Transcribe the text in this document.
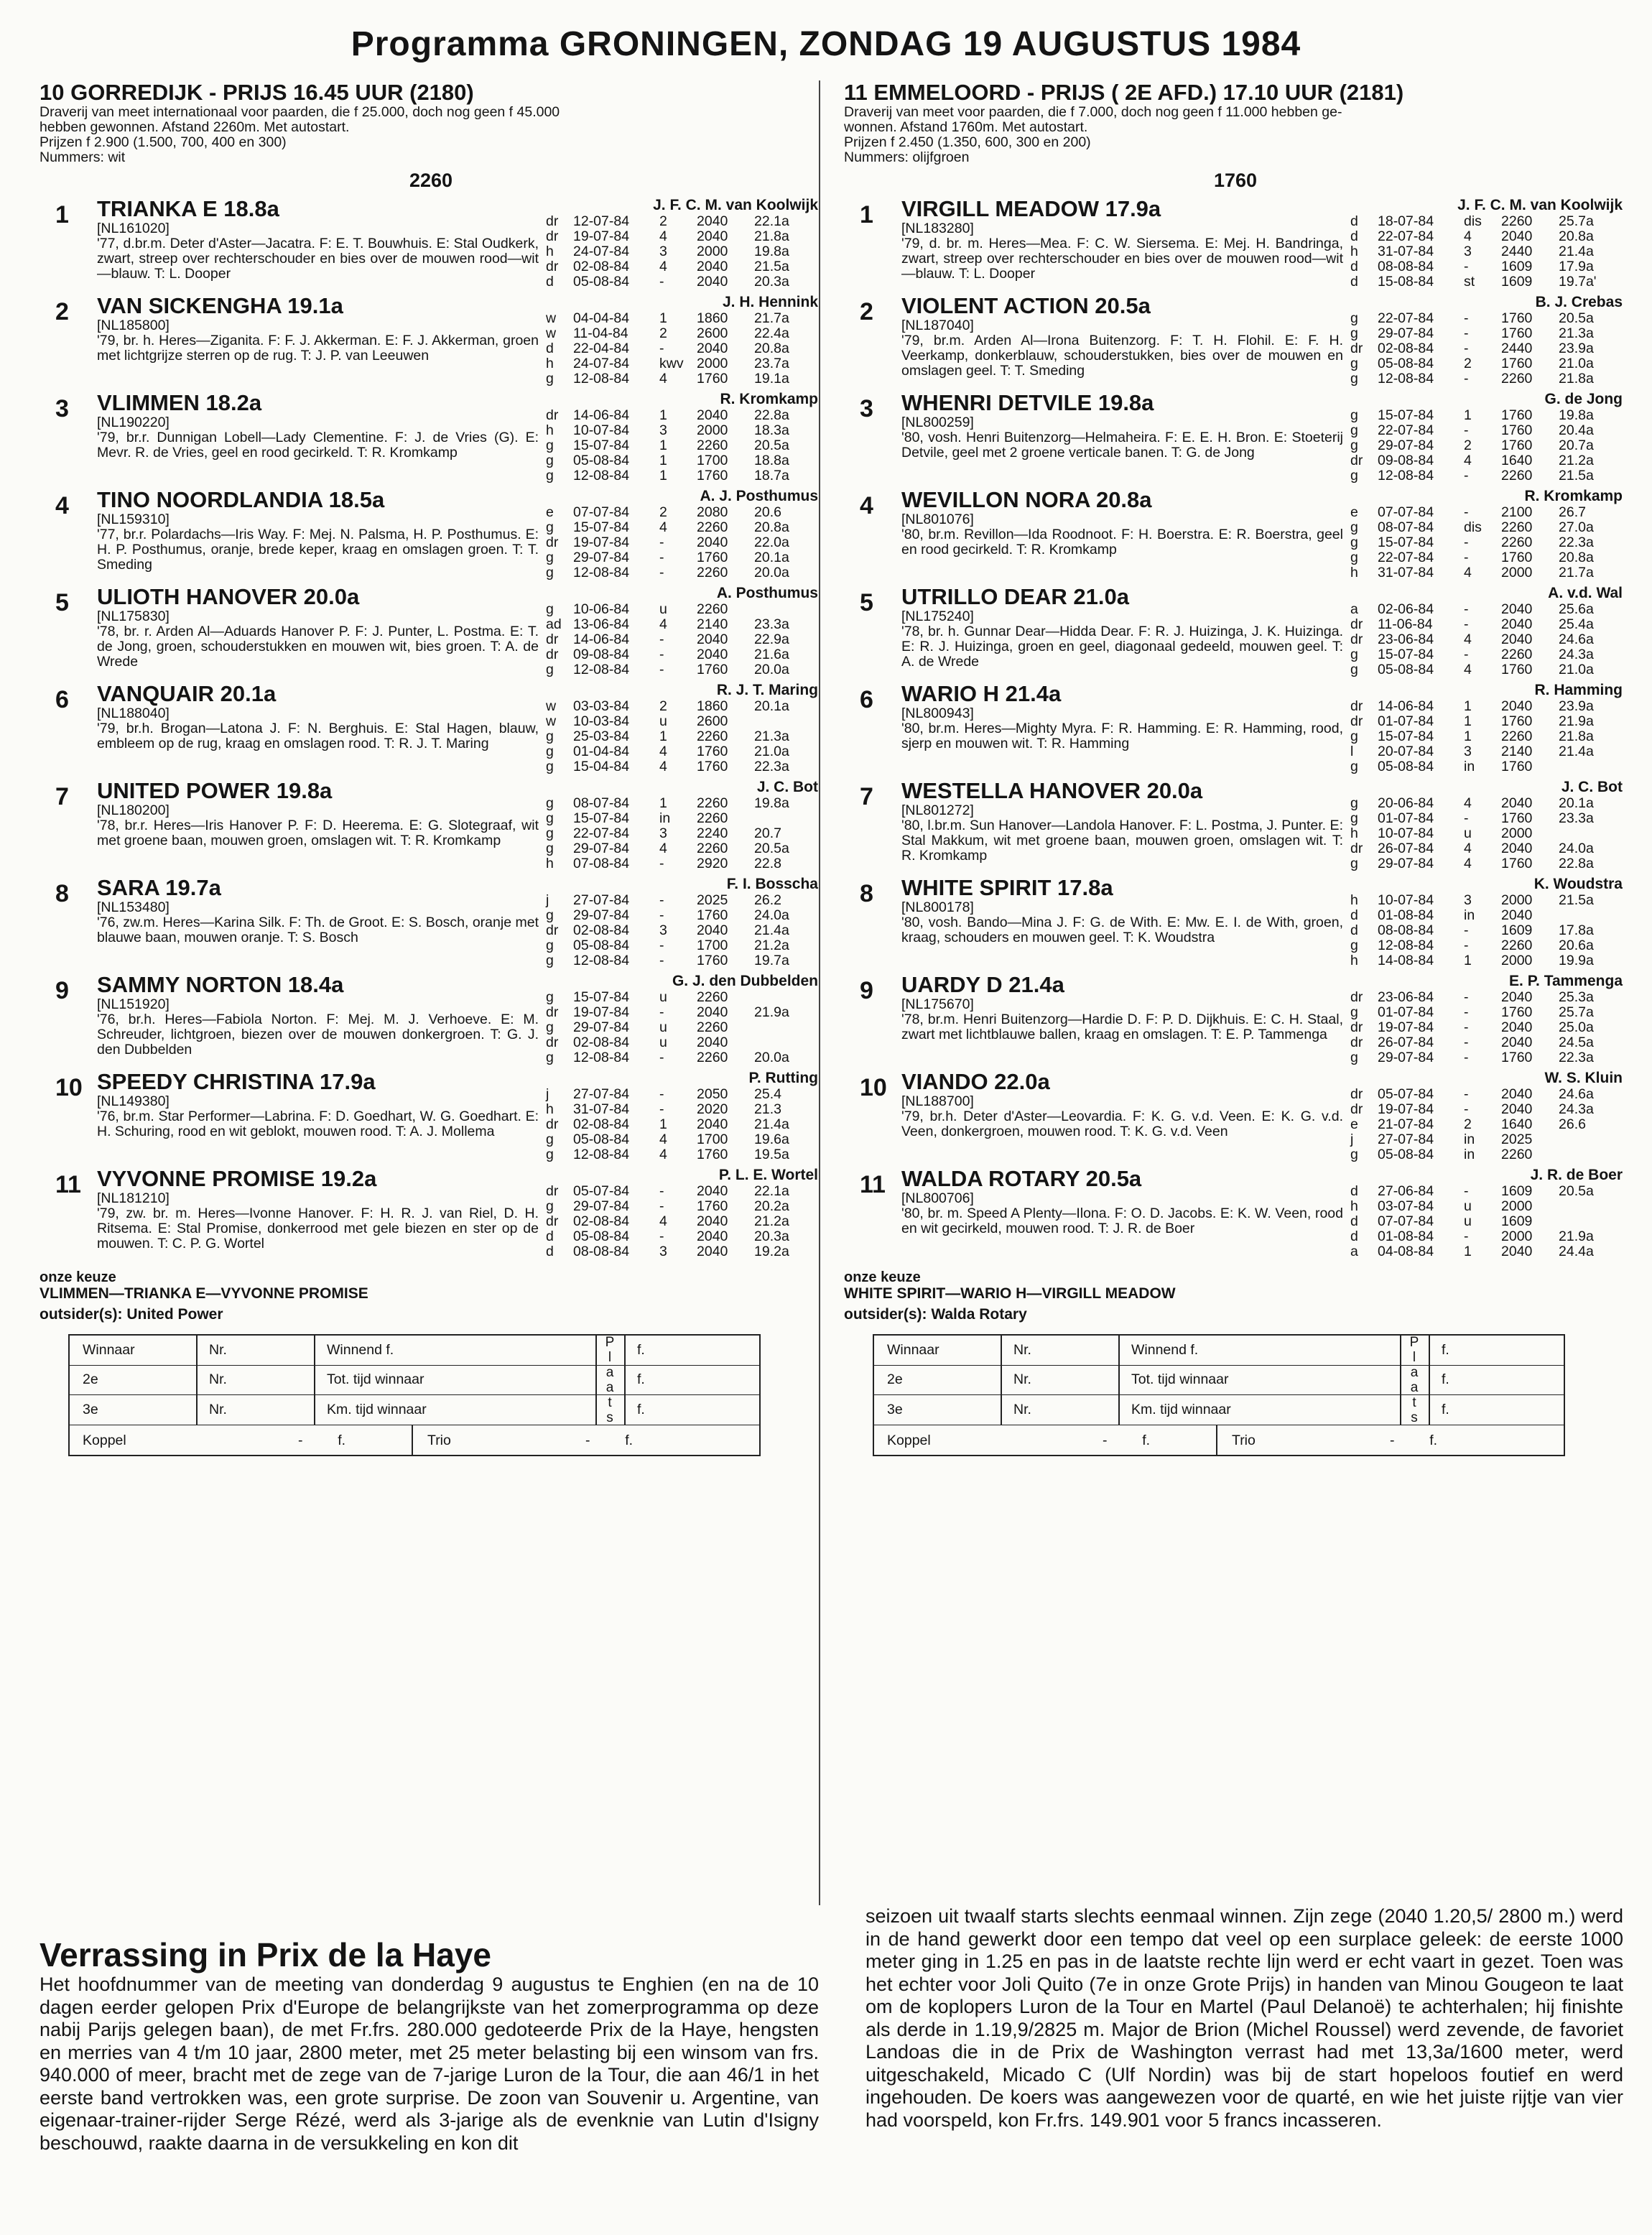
Programma GRONINGEN, ZONDAG 19 AUGUSTUS 1984
10 GORREDIJK - PRIJS 16.45 UUR (2180)
Draverij van meet internationaal voor paarden, die f 25.000, doch nog geen f 45.000
hebben gewonnen. Afstand 2260m. Met autostart.
Prijzen f 2.900 (1.500, 700, 400 en 300)
Nummers: wit
2260
1	TRIANKA E 18.8a
[NL161020]
'77, d.br.m. Deter d'Aster—Jacatra. F: E. T. Bouwhuis. E: Stal Oudkerk, zwart, streep over rechterschouder en bies over de mouwen rood—wit—blauw. T: L. Dooper
J. F. C. M. van Koolwijk
dr	12-07-84	2	2040	22.1a
dr	19-07-84	4	2040	21.8a
h	24-07-84	3	2000	19.8a
dr	02-08-84	4	2040	21.5a
d	05-08-84	-	2040	20.3a
2	VAN SICKENGHA 19.1a
[NL185800]
'79, br. h. Heres—Ziganita. F: F. J. Akkerman. E: F. J. Akkerman, groen met lichtgrijze sterren op de rug. T: J. P. van Leeuwen
J. H. Hennink
w	04-04-84	1	1860	21.7a
w	11-04-84	2	2600	22.4a
d	22-04-84	-	2040	20.8a
h	24-07-84	kwv 2000	23.7a
g	12-08-84	4	1760	19.1a
3	VLIMMEN 18.2a
[NL190220]
'79, br.r. Dunnigan Lobell—Lady Clementine. F: J. de Vries (G). E: Mevr. R. de Vries, geel en rood gecirkeld. T: R. Kromkamp
R. Kromkamp
dr	14-06-84	1	2040	22.8a
h	10-07-84	3	2000	18.3a
g	15-07-84	1	2260	20.5a
g	05-08-84	1	1700	18.8a
g	12-08-84	1	1760	18.7a
4	TINO NOORDLANDIA 18.5a
[NL159310]
'77, br.r. Polardachs—Iris Way. F: Mej. N. Palsma, H. P. Posthumus. E: H. P. Posthumus, oranje, brede keper, kraag en omslagen groen. T: T. Smeding
A. J. Posthumus
e	07-07-84	2	2080	20.6
g	15-07-84	4	2260	20.8a
dr	19-07-84	-	2040	22.0a
g	29-07-84	-	1760	20.1a
g	12-08-84	-	2260	20.0a
5	ULIOTH HANOVER 20.0a
[NL175830]
'78, br. r. Arden Al—Aduards Hanover P. F: J. Punter, L. Postma. E: T. de Jong, groen, schouderstukken en mouwen wit, bies groen. T: A. de Wrede
A. Posthumus
g	10-06-84	u	2260
ad 13-06-84	4	2140	23.3a
dr	14-06-84	-	2040	22.9a
dr	09-08-84	-	2040	21.6a
g	12-08-84	-	1760	20.0a
6	VANQUAIR 20.1a
[NL188040]
'79, br.h. Brogan—Latona J. F: N. Berghuis. E: Stal Hagen, blauw, embleem op de rug, kraag en omslagen rood. T: R. J. T. Maring
R. J. T. Maring
w	03-03-84	2	1860	20.1a
w	10-03-84	u	2600
g	25-03-84	1	2260	21.3a
g	01-04-84	4	1760	21.0a
g	15-04-84	4	1760	22.3a
7	UNITED POWER 19.8a
[NL180200]
'78, br.r. Heres—Iris Hanover P. F: D. Heerema. E: G. Slotegraaf, wit met groene baan, mouwen groen, omslagen wit. T: R. Kromkamp
J. C. Bot
g	08-07-84	1	2260	19.8a
g	15-07-84	in	2260
g	22-07-84	3	2240	20.7
g	29-07-84	4	2260	20.5a
h	07-08-84	-	2920	22.8
8	SARA 19.7a
[NL153480]
'76, zw.m. Heres—Karina Silk. F: Th. de Groot. E: S. Bosch, oranje met blauwe baan, mouwen oranje. T: S. Bosch
F. I. Bosscha
j	27-07-84	-	2025	26.2
g	29-07-84	-	1760	24.0a
dr	02-08-84	3	2040	21.4a
g	05-08-84	-	1700	21.2a
g	12-08-84	-	1760	19.7a
9	SAMMY NORTON 18.4a
[NL151920]
'76, br.h. Heres—Fabiola Norton. F: Mej. M. J. Verhoeve. E: M. Schreuder, lichtgroen, biezen over de mouwen donkergroen. T: G. J. den Dubbelden
G. J. den Dubbelden
g	15-07-84	u	2260
dr	19-07-84	-	2040	21.9a
g	29-07-84	u	2260
dr	02-08-84	u	2040
g	12-08-84	-	2260	20.0a
10 SPEEDY CHRISTINA 17.9a
[NL149380]
'76, br.m. Star Performer—Labrina. F: D. Goedhart, W. G. Goedhart. E: H. Schuring, rood en wit geblokt, mouwen rood. T: A. J. Mollema
P. Rutting
j	27-07-84	-	2050	25.4
h	31-07-84	-	2020	21.3
dr	02-08-84	1	2040	21.4a
g	05-08-84	4	1700	19.6a
g	12-08-84	4	1760	19.5a
11 VYVONNE PROMISE 19.2a
[NL181210]
'79, zw. br. m. Heres—Ivonne Hanover. F: H. R. J. van Riel, D. H. Ritsema. E: Stal Promise, donkerrood met gele biezen en ster op de mouwen. T: C. P. G. Wortel
P. L. E. Wortel
dr	05-07-84	-	2040	22.1a
g	29-07-84	-	1760	20.2a
dr	02-08-84	4	2040	21.2a
d	05-08-84	-	2040	20.3a
d	08-08-84	3	2040	19.2a
onze keuze
VLIMMEN—TRIANKA E—VYVONNE PROMISE
outsider(s): United Power
Winnaar	Nr.	Winnend f.	f.
2e	Nr.	Tot. tijd winnaar	f.
3e	Nr.	Km. tijd winnaar	f.
P
l
a
a
t
s
Koppel	-         f.	Trio	-         f.
11 EMMELOORD - PRIJS ( 2E AFD.) 17.10 UUR (2181)
Draverij van meet voor paarden, die f 7.000, doch nog geen f 11.000 hebben ge-
wonnen. Afstand 1760m. Met autostart.
Prijzen f 2.450 (1.350, 600, 300 en 200)
Nummers: olijfgroen
1760
1	VIRGILL MEADOW 17.9a
[NL183280]
'79, d. br. m. Heres—Mea. F: C. W. Siersema. E: Mej. H. Bandringa, zwart, streep over rechterschouder en bies over de mouwen rood—wit—blauw. T: L. Dooper
J. F. C. M. van Koolwijk
d	18-07-84	dis	2260	25.7a
d	22-07-84	4	2040	20.8a
h	31-07-84	3	2440	21.4a
d	08-08-84	-	1609	17.9a
d	15-08-84	st	1609	19.7a'
2	VIOLENT ACTION 20.5a
[NL187040]
'79, br.m. Arden Al—Irona Buitenzorg. F: T. H. Flohil. E: F. H. Veerkamp, donkerblauw, schouderstukken, bies over de mouwen en omslagen geel. T: T. Smeding
B. J. Crebas
g	22-07-84	-	1760	20.5a
g	29-07-84	-	1760	21.3a
dr	02-08-84	-	2440	23.9a
g	05-08-84	2	1760	21.0a
g	12-08-84	-	2260	21.8a
3	WHENRI DETVILE 19.8a
[NL800259]
'80, vosh. Henri Buitenzorg—Helmaheira. F: E. E. H. Bron. E: Stoeterij Detvile, geel met 2 groene verticale banen. T: G. de Jong
G. de Jong
g	15-07-84	1	1760	19.8a
g	22-07-84	-	1760	20.4a
g	29-07-84	2	1760	20.7a
dr	09-08-84	4	1640	21.2a
g	12-08-84	-	2260	21.5a
4	WEVILLON NORA 20.8a
[NL801076]
'80, br.m. Revillon—Ida Roodnoot. F: H. Boerstra. E: R. Boerstra, geel en rood gecirkeld. T: R. Kromkamp
R. Kromkamp
e	07-07-84	-	2100	26.7
g	08-07-84	dis	2260	27.0a
g	15-07-84	-	2260	22.3a
g	22-07-84	-	1760	20.8a
h	31-07-84	4	2000	21.7a
5	UTRILLO DEAR 21.0a
[NL175240]
'78, br. h. Gunnar Dear—Hidda Dear. F: R. J. Huizinga, J. K. Huizinga. E: R. J. Huizinga, groen en geel, diagonaal gedeeld, mouwen geel. T: A. de Wrede
A. v.d. Wal
a	02-06-84	-	2040	25.6a
dr	11-06-84	-	2040	25.4a
dr	23-06-84	4	2040	24.6a
g	15-07-84	-	2260	24.3a
g	05-08-84	4	1760	21.0a
6	WARIO H 21.4a
[NL800943]
'80, br.m. Heres—Mighty Myra. F: R. Hamming. E: R. Hamming, rood, sjerp en mouwen wit. T: R. Hamming
R. Hamming
dr	14-06-84	1	2040	23.9a
dr	01-07-84	1	1760	21.9a
g	15-07-84	1	2260	21.8a
l	20-07-84	3	2140	21.4a
g	05-08-84	in	1760
7	WESTELLA HANOVER 20.0a
[NL801272]
'80, l.br.m. Sun Hanover—Landola Hanover. F: L. Postma, J. Punter. E: Stal Makkum, wit met groene baan, mouwen groen, omslagen wit. T: R. Kromkamp
J. C. Bot
g	20-06-84	4	2040	20.1a
g	01-07-84	-	1760	23.3a
h	10-07-84	u	2000
dr	26-07-84	4	2040	24.0a
g	29-07-84	4	1760	22.8a
8	WHITE SPIRIT 17.8a
[NL800178]
'80, vosh. Bando—Mina J. F: G. de With. E: Mw. E. I. de With, groen, kraag, schouders en mouwen geel. T: K. Woudstra
K. Woudstra
h	10-07-84	3	2000	21.5a
d	01-08-84	in	2040
d	08-08-84	-	1609	17.8a
g	12-08-84	-	2260	20.6a
h	14-08-84	1	2000	19.9a
9	UARDY D 21.4a
[NL175670]
'78, br.m. Henri Buitenzorg—Hardie D. F: P. D. Dijkhuis. E: C. H. Staal, zwart met lichtblauwe ballen, kraag en omslagen. T: E. P. Tammenga
E. P. Tammenga
dr	23-06-84	-	2040	25.3a
g	01-07-84	-	1760	25.7a
dr	19-07-84	-	2040	25.0a
dr	26-07-84	-	2040	24.5a
g	29-07-84	-	1760	22.3a
10 VIANDO 22.0a
[NL188700]
'79, br.h. Deter d'Aster—Leovardia. F: K. G. v.d. Veen. E: K. G. v.d. Veen, donkergroen, mouwen rood. T: K. G. v.d. Veen
W. S. Kluin
dr	05-07-84	-	2040	24.6a
dr	19-07-84	-	2040	24.3a
e	21-07-84	2	1640	26.6
j	27-07-84	in	2025
g	05-08-84	in	2260
11 WALDA ROTARY 20.5a
[NL800706]
'80, br. m. Speed A Plenty—Ilona. F: O. D. Jacobs. E: K. W. Veen, rood en wit gecirkeld, mouwen rood. T: J. R. de Boer
J. R. de Boer
d	27-06-84	-	1609	20.5a
h	03-07-84	u	2000
d	07-07-84	u	1609
d	01-08-84	-	2000	21.9a
a	04-08-84	1	2040	24.4a
onze keuze
WHITE SPIRIT—WARIO H—VIRGILL MEADOW
outsider(s): Walda Rotary
Winnaar	Nr.	Winnend f.	f.
2e	Nr.	Tot. tijd winnaar	f.
3e	Nr.	Km. tijd winnaar	f.
P
l
a
a
t
s
Koppel	-         f.	Trio	-         f.
Verrassing in Prix de la Haye
Het hoofdnummer van de meeting van donderdag 9 augustus te Enghien (en na de 10 dagen eerder gelopen Prix d'Europe de belangrijkste van het zomerprogramma op deze nabij Parijs gelegen baan), de met Fr.frs. 280.000 gedoteerde Prix de la Haye, hengsten en merries van 4 t/m 10 jaar, 2800 meter, met 25 meter belasting bij een winsom van frs. 940.000 of meer, bracht met de zege van de 7-jarige Luron de la Tour, die aan 46/1 in het eerste band vertrokken was, een grote surprise. De zoon van Souvenir u. Argentine, van eigenaar-trainer-rijder Serge Rézé, werd als 3-jarige als de evenknie van Lutin d'Isigny beschouwd, raakte daarna in de versukkeling en kon dit
seizoen uit twaalf starts slechts eenmaal winnen. Zijn zege (2040 1.20,5/ 2800 m.) werd in de hand gewerkt door een tempo dat veel op een surplace geleek: de eerste 1000 meter ging in 1.25 en pas in de laatste rechte lijn werd er echt vaart in gezet. Toen was het echter voor Joli Quito (7e in onze Grote Prijs) in handen van Minou Gougeon te laat om de koplopers Luron de la Tour en Martel (Paul Delanoë) te achterhalen; hij finishte als derde in 1.19,9/2825 m. Major de Brion (Michel Roussel) werd zevende, de favoriet Landoas die in de Prix de Washington verrast had met 13,3a/1600 meter, werd uitgeschakeld, Micado C (Ulf Nordin) was bij de start hopeloos foutief en werd ingehouden. De koers was aangewezen voor de quarté, en wie het juiste rijtje van vier had voorspeld, kon Fr.frs. 149.901 voor 5 francs incasseren.
